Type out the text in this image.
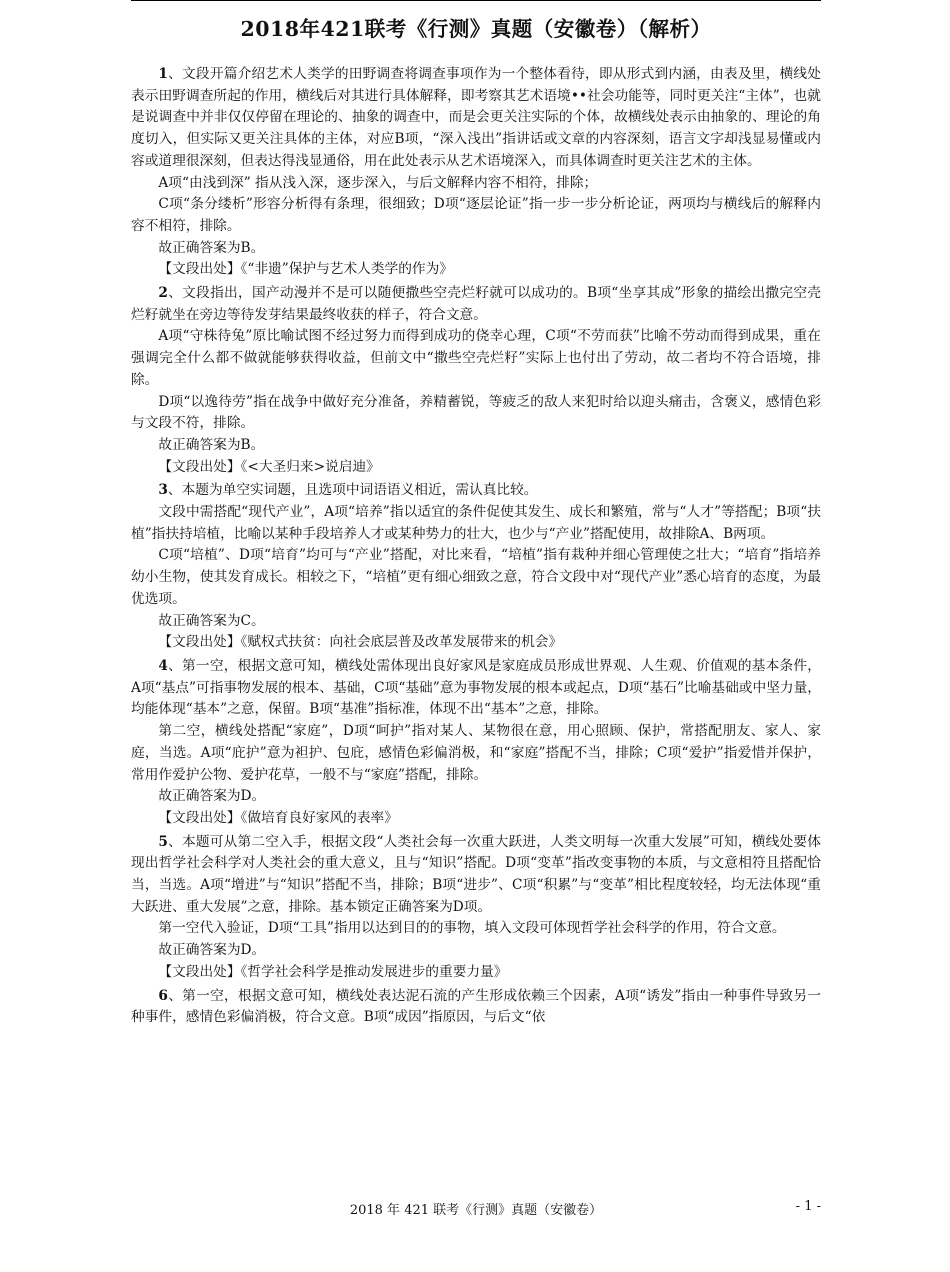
2018年421联考《行测》真题（安徽卷）（解析）

1、文段开篇介绍艺术人类学的田野调查将调查事项作为一个整体看待，即从形式到内涵，由表及里，横线处表示田野调查所起的作用，横线后对其进行具体解释，即考察其艺术语境••社会功能等，同时更关注“主体”，也就是说调查中并非仅仅停留在理论的、抽象的调查中，而是会更关注实际的个体，故横线处表示由抽象的、理论的角度切入，但实际又更关注具体的主体，对应B项，“深入浅出”指讲话或文章的内容深刻，语言文字却浅显易懂或内容或道理很深刻，但表达得浅显通俗，用在此处表示从艺术语境深入，而具体调查时更关注艺术的主体。

A项“由浅到深” 指从浅入深，逐步深入，与后文解释内容不相符，排除；

C项“条分缕析”形容分析得有条理，很细致；D项“逐层论证”指一步一步分析论证，两项均与横线后的解释内容不相符，排除。

故正确答案为B。

【文段出处】《“非遗”保护与艺术人类学的作为》

2、文段指出，国产动漫并不是可以随便撒些空壳烂籽就可以成功的。B项“坐享其成”形象的描绘出撒完空壳烂籽就坐在旁边等待发芽结果最终收获的样子，符合文意。

A项“守株待兔”原比喻试图不经过努力而得到成功的侥幸心理，C项“不劳而获”比喻不劳动而得到成果，重在强调完全什么都不做就能够获得收益，但前文中“撒些空壳烂籽”实际上也付出了劳动，故二者均不符合语境，排除。

D项“以逸待劳”指在战争中做好充分准备，养精蓄锐，等疲乏的敌人来犯时给以迎头痛击，含褒义，感情色彩与文段不符，排除。

故正确答案为B。

【文段出处】《<大圣归来>说启迪》

3、本题为单空实词题，且选项中词语语义相近，需认真比较。

文段中需搭配“现代产业”，A项“培养”指以适宜的条件促使其发生、成长和繁殖，常与“人才”等搭配；B项“扶植”指扶持培植，比喻以某种手段培养人才或某种势力的壮大，也少与“产业”搭配使用，故排除A、B两项。

C项“培植”、D项“培育”均可与“产业”搭配，对比来看，“培植”指有栽种并细心管理使之壮大；“培育”指培养幼小生物，使其发育成长。相较之下，“培植”更有细心细致之意，符合文段中对“现代产业”悉心培育的态度，为最优选项。

故正确答案为C。

【文段出处】《赋权式扶贫：向社会底层普及改革发展带来的机会》

4、第一空，根据文意可知，横线处需体现出良好家风是家庭成员形成世界观、人生观、价值观的基本条件，A项“基点”可指事物发展的根本、基础，C项“基础”意为事物发展的根本或起点，D项“基石”比喻基础或中坚力量，均能体现“基本”之意，保留。B项“基准”指标准，体现不出“基本”之意，排除。

第二空，横线处搭配“家庭”，D项“呵护”指对某人、某物很在意，用心照顾、保护，常搭配朋友、家人、家庭，当选。A项“庇护”意为袒护、包庇，感情色彩偏消极，和“家庭”搭配不当，排除；C项“爱护”指爱惜并保护，常用作爱护公物、爱护花草，一般不与“家庭”搭配，排除。

故正确答案为D。

【文段出处】《做培育良好家风的表率》

5、本题可从第二空入手，根据文段“人类社会每一次重大跃进，人类文明每一次重大发展”可知，横线处要体现出哲学社会科学对人类社会的重大意义，且与“知识”搭配。D项“变革”指改变事物的本质，与文意相符且搭配恰当，当选。A项“增进”与“知识”搭配不当，排除；B项“进步”、C项“积累”与“变革”相比程度较轻，均无法体现“重大跃进、重大发展”之意，排除。基本锁定正确答案为D项。

第一空代入验证，D项“工具”指用以达到目的的事物，填入文段可体现哲学社会科学的作用，符合文意。

故正确答案为D。

【文段出处】《哲学社会科学是推动发展进步的重要力量》

6、第一空，根据文意可知，横线处表达泥石流的产生形成依赖三个因素，A项“诱发”指由一种事件导致另一种事件，感情色彩偏消极，符合文意。B项“成因”指原因，与后文“依

2018 年 421 联考《行测》真题（安徽卷）	- 1 -
